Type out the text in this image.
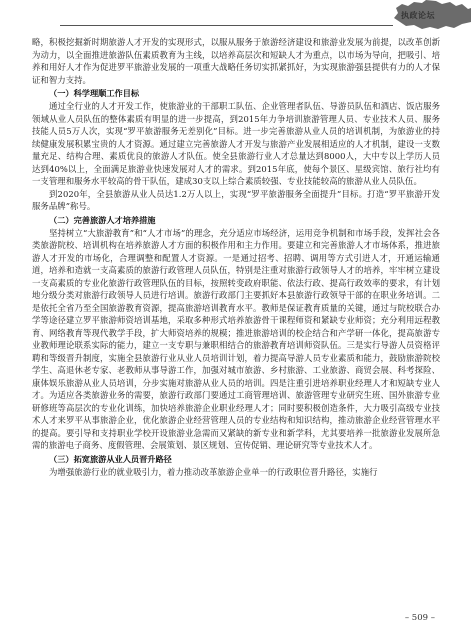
执政论坛

略，积极挖掘新时期旅游人才开发的实现形式，以服从服务于旅游经济建设和旅游业发展为前提，以改革创新为动力，以全面推进旅游队伍素质教育为主线，以培养高层次和短缺人才为重点，以市场为导向，把吸引、培养和用好人才作为促进罗平旅游业发展的一项重大战略任务切实抓紧抓好，为实现旅游强县提供有力的人才保证和智力支持。

（一）科学理顺工作目标

通过全行业的人才开发工作，使旅游业的干部职工队伍、企业管理者队伍、导游员队伍和酒店、饭店服务领域从业人员队伍的整体素质有明显的进一步提高，到2015年力争培训旅游管理人员、专业技术人员、服务技能人员5万人次，实现“罗平旅游服务无差别化”目标。进一步完善旅游从业人员的培训机制，为旅游业的持续健康发展积累宝贵的人才资源。通过建立完善旅游人才开发与旅游产业发展相适应的人才机制，建设一支数量充足、结构合理、素质优良的旅游人才队伍。使全县旅游行业人才总量达到8000人，大中专以上学历人员达到40%以上，全面满足旅游业快速发展对人才的需求。到2015年底，使每个景区、星级宾馆、旅行社均有一支管理和服务水平较高的骨干队伍，建成30支以上综合素质较强、专业技能较高的旅游从业人员队伍。

到2020年，全县旅游从业人员达1.2万人以上，实现“罗平旅游服务全面提升”目标。打造“罗平旅游开发服务品牌”称号。

（二）完善旅游人才培养措施

坚持树立“大旅游教育”和“人才市场”的理念，充分适应市场经济，运用竞争机制和市场手段，发挥社会各类旅游院校、培训机构在培养旅游人才方面的积极作用和主力作用。要建立和完善旅游人才市场体系，推进旅游人才开发的市场化，合理调整和配置人才资源。一是通过招考、招聘、调用等方式引进人才，开通运输通道，培养和造就一支高素质的旅游行政管理人员队伍，特别是注重对旅游行政领导人才的培养，牢牢树立建设一支高素质的专业化旅游行政管理队伍的目标，按照转变政府职能、依法行政、提高行政效率的要求，有计划地分级分类对旅游行政领导人员进行培训。旅游行政部门主要抓好本县旅游行政领导干部的在职业务培训。二是依托全省乃至全国旅游教育资源，提高旅游培训教育水平。教师是保证教育质量的关键，通过与院校联合办学等途径建立罗平旅游师资培训基地，采取多种形式培养旅游骨干课程师资和紧缺专业师资；充分利用远程教育、网络教育等现代教学手段，扩大师资培养的规模；推进旅游培训的校企结合和产学研一体化，提高旅游专业教师理论联系实际的能力，建立一支专职与兼职相结合的旅游教育培训师资队伍。三是实行导游人员资格评聘和等级晋升制度，实施全县旅游行业从业人员培训计划，着力提高导游人员专业素质和能力，鼓励旅游院校学生、高退休老专家、老教师从事导游工作，加强对城市旅游、乡村旅游、工业旅游、商贸会展、科考探险、康体娱乐旅游从业人员培训，分步实施对旅游从业人员的培训。四是注重引进培养职业经理人才和短缺专业人才。为适应各类旅游业务的需要，旅游行政部门要通过工商管理培训、旅游管理专业研究生班、国外旅游专业研修班等高层次的专业化训练，加快培养旅游企业职业经理人才；同时要积极创造条件，大力吸引高级专业技术人才来罗平从事旅游企业，优化旅游企业经营管理人员的专业结构和知识结构，推动旅游企业经营管理水平的提高。要引导和支持职业学校开设旅游业急需而又紧缺的新专业和新学科，尤其要培养一批旅游业发展所急需的旅游电子商务、度假管理、会展策划、景区规划、宣传促销、理论研究等专业技术人才。

（三）拓宽旅游从业人员晋升路径

为增强旅游行业的就业吸引力，着力推动改革旅游企业单一的行政职位晋升路径，实施行

– 509 –
